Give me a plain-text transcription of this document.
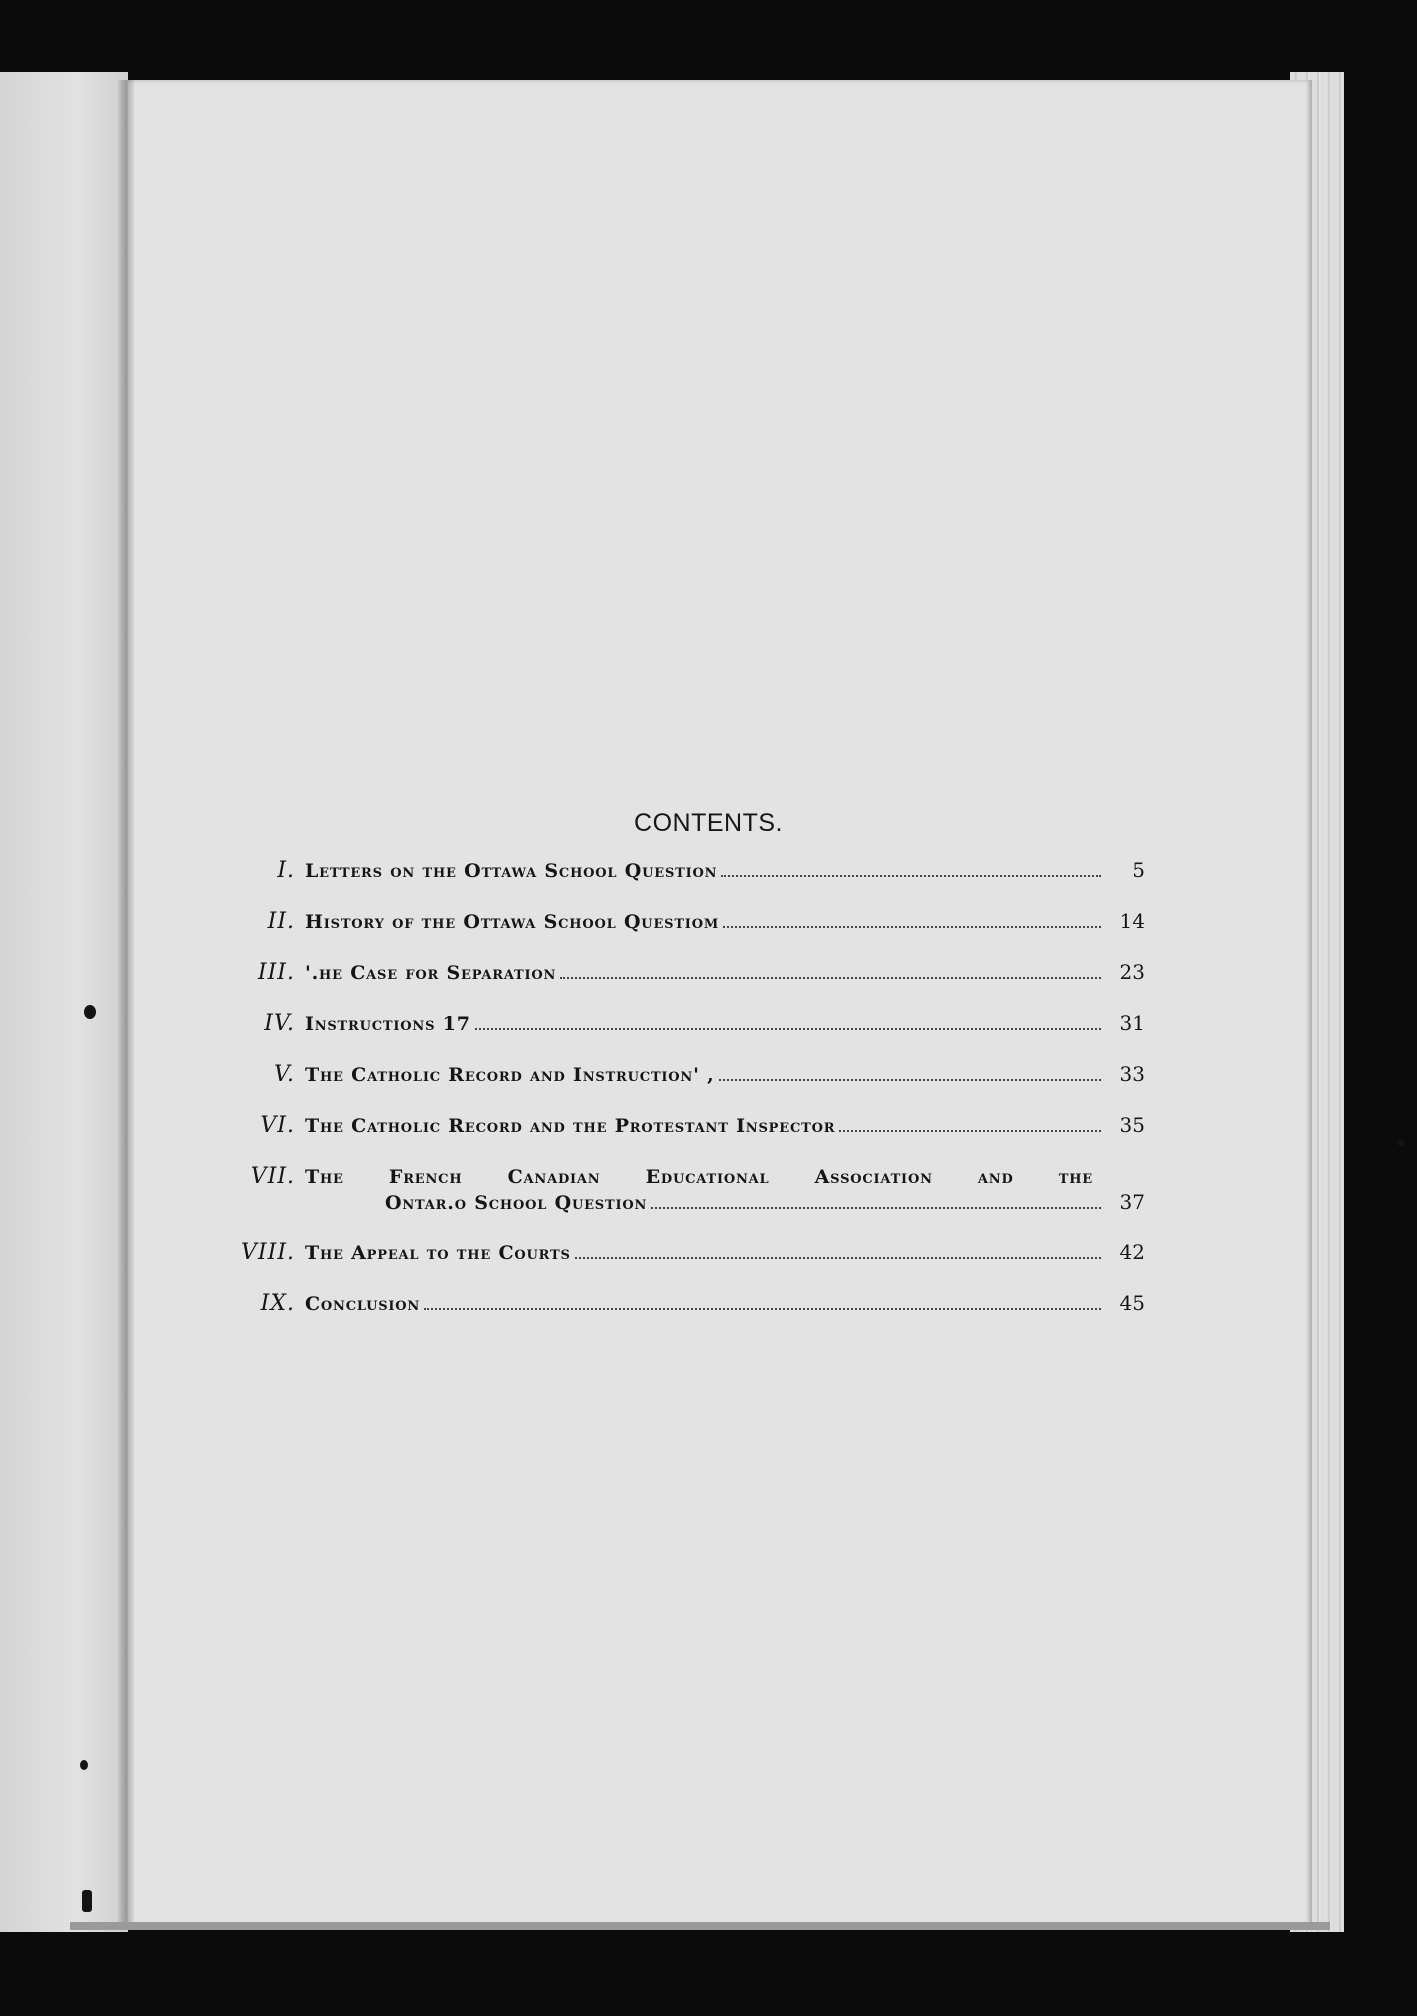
CONTENTS.
I. Letters on the Ottawa School Question	5
II. History of the Ottawa School Questiom	14
III. '.he Case for Separation	23
IV. Instructions 17	31
V. The Catholic Record and Instruction' ,	33
VI. The Catholic Record and the Protestant Inspector	35
VII. The French Canadian Educational Association and the
Ontar.o School Question	37
VIII. The Appeal to the Courts	42
IX. Conclusion	45
